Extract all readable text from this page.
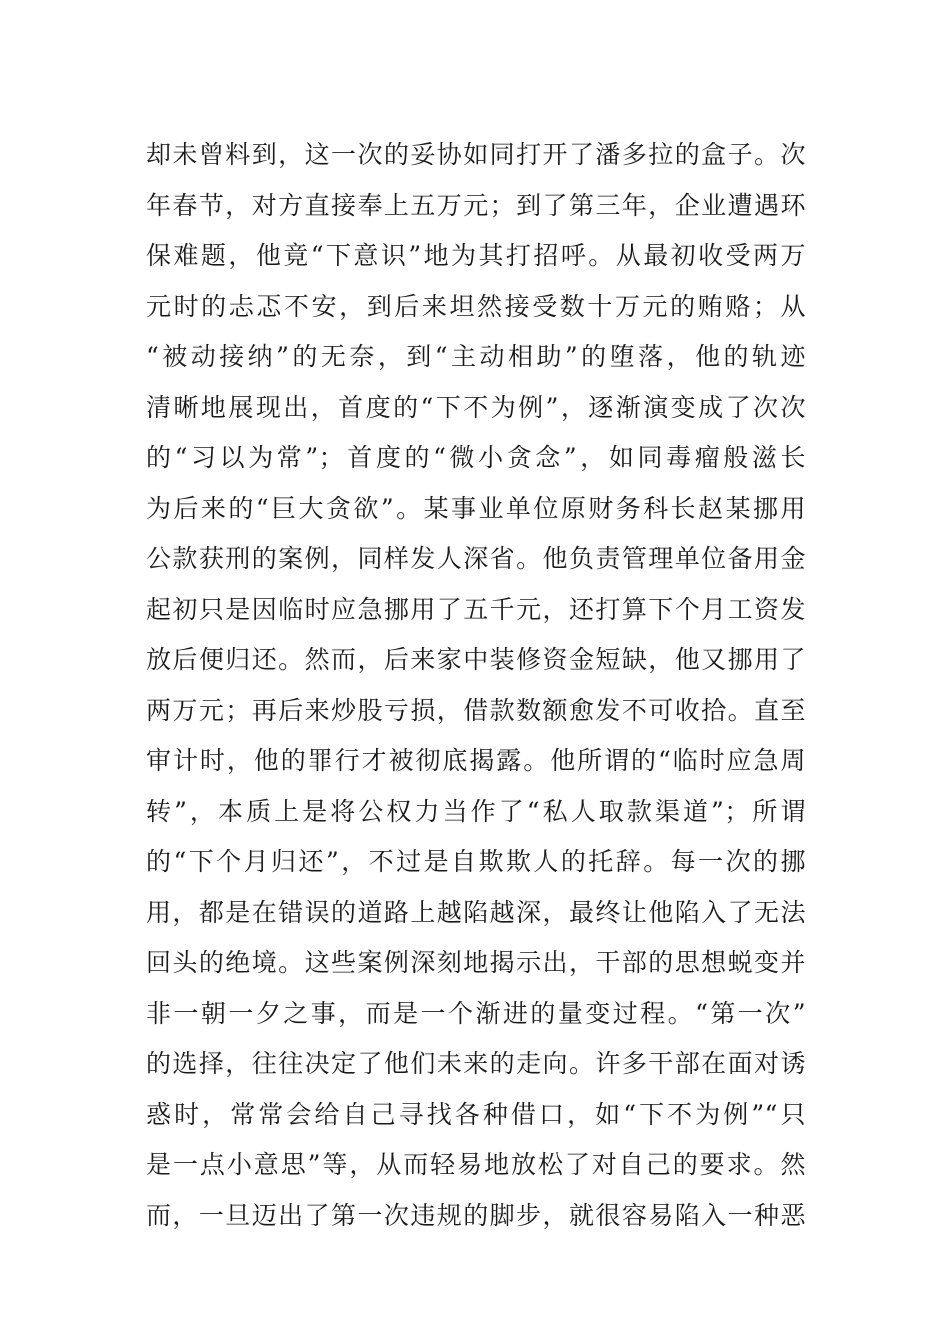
却未曾料到，这一次的妥协如同打开了潘多拉的盒子。次
年春节，对方直接奉上五万元；到了第三年，企业遭遇环
保难题，他竟“下意识”地为其打招呼。从最初收受两万
元时的忐忑不安，到后来坦然接受数十万元的贿赂；从
“被动接纳”的无奈，到“主动相助”的堕落，他的轨迹
清晰地展现出，首度的“下不为例”，逐渐演变成了次次
的“习以为常”；首度的“微小贪念”，如同毒瘤般滋长
为后来的“巨大贪欲”。某事业单位原财务科长赵某挪用
公款获刑的案例，同样发人深省。他负责管理单位备用金
起初只是因临时应急挪用了五千元，还打算下个月工资发
放后便归还。然而，后来家中装修资金短缺，他又挪用了
两万元；再后来炒股亏损，借款数额愈发不可收拾。直至
审计时，他的罪行才被彻底揭露。他所谓的“临时应急周
转”，本质上是将公权力当作了“私人取款渠道”；所谓
的“下个月归还”，不过是自欺欺人的托辞。每一次的挪
用，都是在错误的道路上越陷越深，最终让他陷入了无法
回头的绝境。这些案例深刻地揭示出，干部的思想蜕变并
非一朝一夕之事，而是一个渐进的量变过程。“第一次”
的选择，往往决定了他们未来的走向。许多干部在面对诱
惑时，常常会给自己寻找各种借口，如“下不为例”“只
是一点小意思”等，从而轻易地放松了对自己的要求。然
而，一旦迈出了第一次违规的脚步，就很容易陷入一种恶
